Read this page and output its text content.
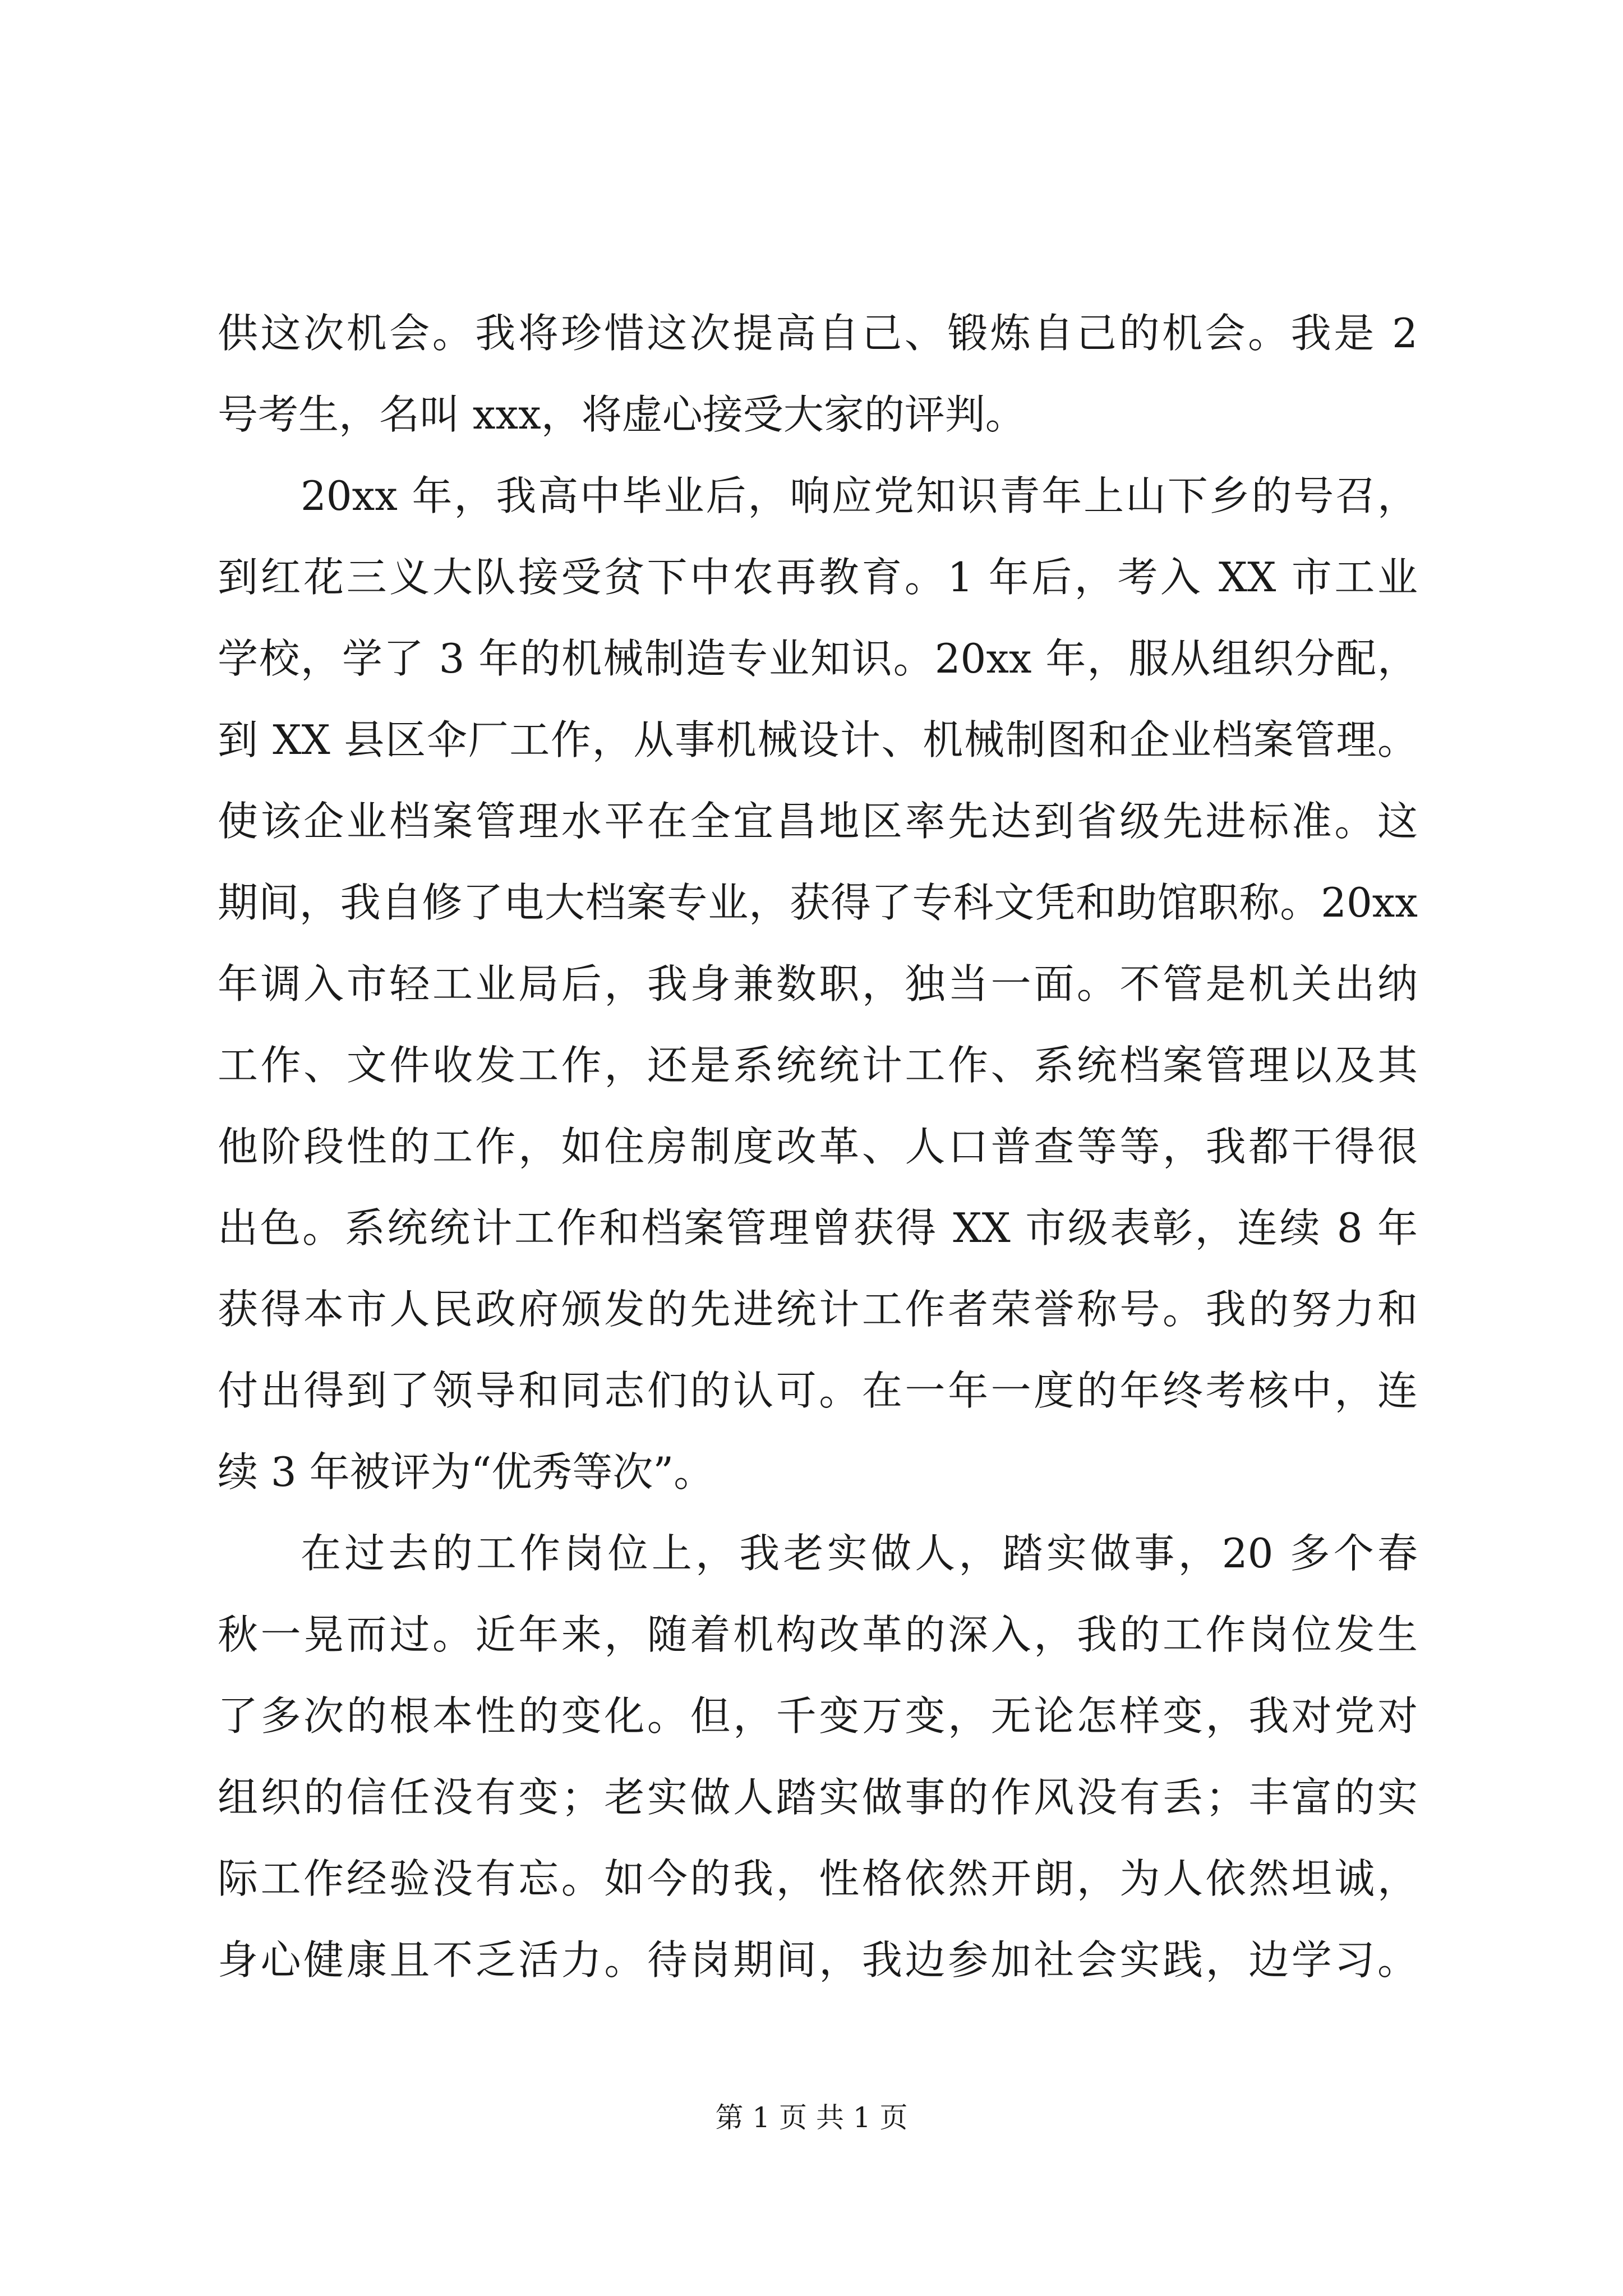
供这次机会。我将珍惜这次提高自己、锻炼自己的机会。我是 2
号考生，名叫 xxx，将虚心接受大家的评判。
20xx 年，我高中毕业后，响应党知识青年上山下乡的号召，
到红花三义大队接受贫下中农再教育。1 年后，考入 XX 市工业
学校，学了 3 年的机械制造专业知识。20xx 年，服从组织分配，
到 XX 县区伞厂工作，从事机械设计、机械制图和企业档案管理。
使该企业档案管理水平在全宜昌地区率先达到省级先进标准。这
期间，我自修了电大档案专业，获得了专科文凭和助馆职称。20xx
年调入市轻工业局后，我身兼数职，独当一面。不管是机关出纳
工作、文件收发工作，还是系统统计工作、系统档案管理以及其
他阶段性的工作，如住房制度改革、人口普查等等，我都干得很
出色。系统统计工作和档案管理曾获得 XX 市级表彰，连续 8 年
获得本市人民政府颁发的先进统计工作者荣誉称号。我的努力和
付出得到了领导和同志们的认可。在一年一度的年终考核中，连
续 3 年被评为“优秀等次”。
在过去的工作岗位上，我老实做人，踏实做事，20 多个春
秋一晃而过。近年来，随着机构改革的深入，我的工作岗位发生
了多次的根本性的变化。但，千变万变，无论怎样变，我对党对
组织的信任没有变；老实做人踏实做事的作风没有丢；丰富的实
际工作经验没有忘。如今的我，性格依然开朗，为人依然坦诚，
身心健康且不乏活力。待岗期间，我边参加社会实践，边学习。
第 1 页 共 1 页
